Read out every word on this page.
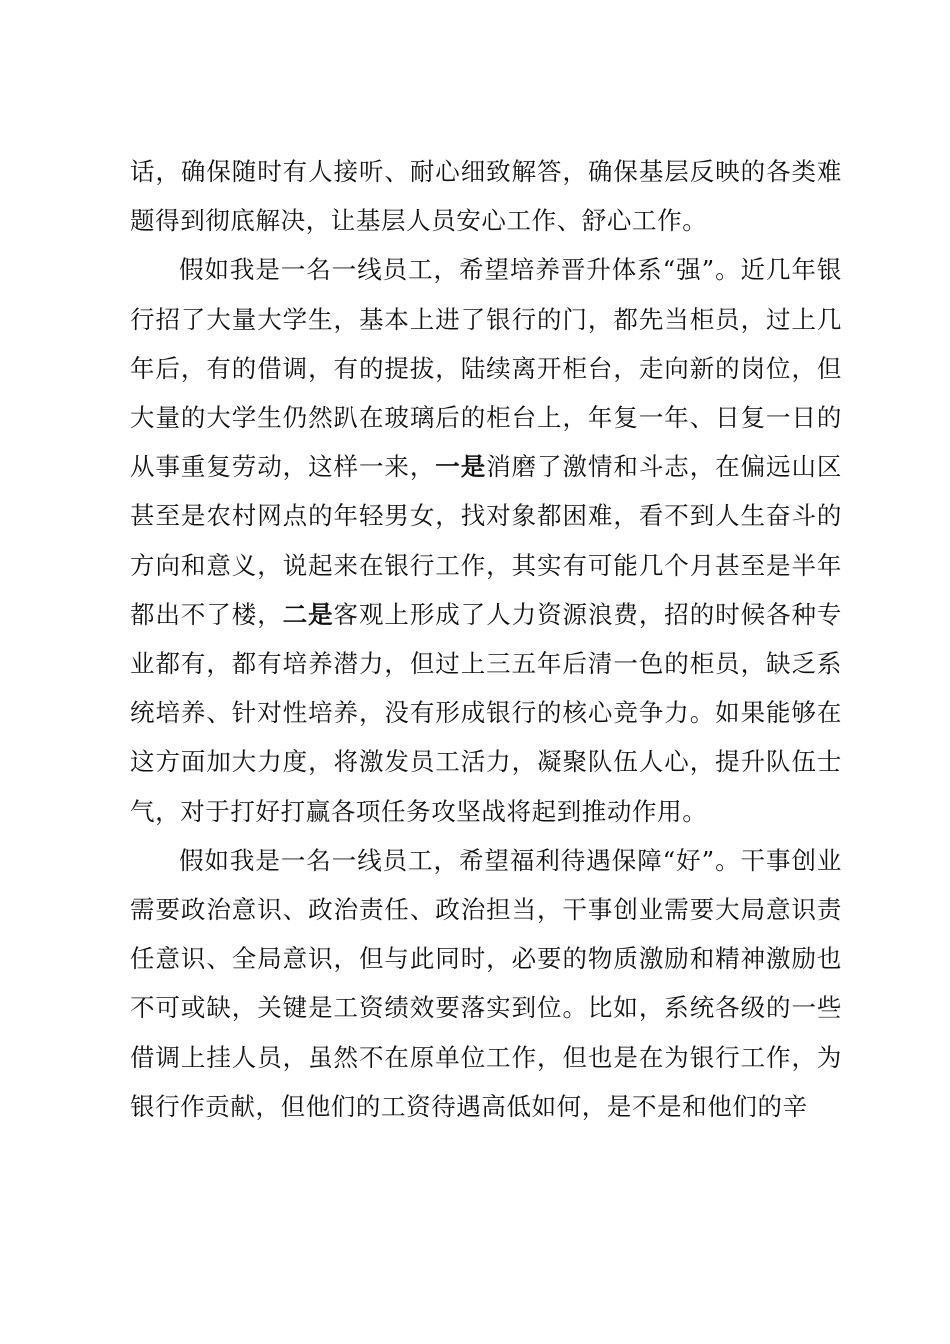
话，确保随时有人接听、耐心细致解答，确保基层反映的各类难题得到彻底解决，让基层人员安心工作、舒心工作。

假如我是一名一线员工，希望培养晋升体系“强”。近几年银行招了大量大学生，基本上进了银行的门，都先当柜员，过上几年后，有的借调，有的提拔，陆续离开柜台，走向新的岗位，但大量的大学生仍然趴在玻璃后的柜台上，年复一年、日复一日的从事重复劳动，这样一来，一是消磨了激情和斗志，在偏远山区甚至是农村网点的年轻男女，找对象都困难，看不到人生奋斗的方向和意义，说起来在银行工作，其实有可能几个月甚至是半年都出不了楼，二是客观上形成了人力资源浪费，招的时候各种专业都有，都有培养潜力，但过上三五年后清一色的柜员，缺乏系统培养、针对性培养，没有形成银行的核心竞争力。如果能够在这方面加大力度，将激发员工活力，凝聚队伍人心，提升队伍士气，对于打好打赢各项任务攻坚战将起到推动作用。

假如我是一名一线员工，希望福利待遇保障“好”。干事创业需要政治意识、政治责任、政治担当，干事创业需要大局意识责任意识、全局意识，但与此同时，必要的物质激励和精神激励也不可或缺，关键是工资绩效要落实到位。比如，系统各级的一些借调上挂人员，虽然不在原单位工作，但也是在为银行工作，为银行作贡献，但他们的工资待遇高低如何，是不是和他们的辛
